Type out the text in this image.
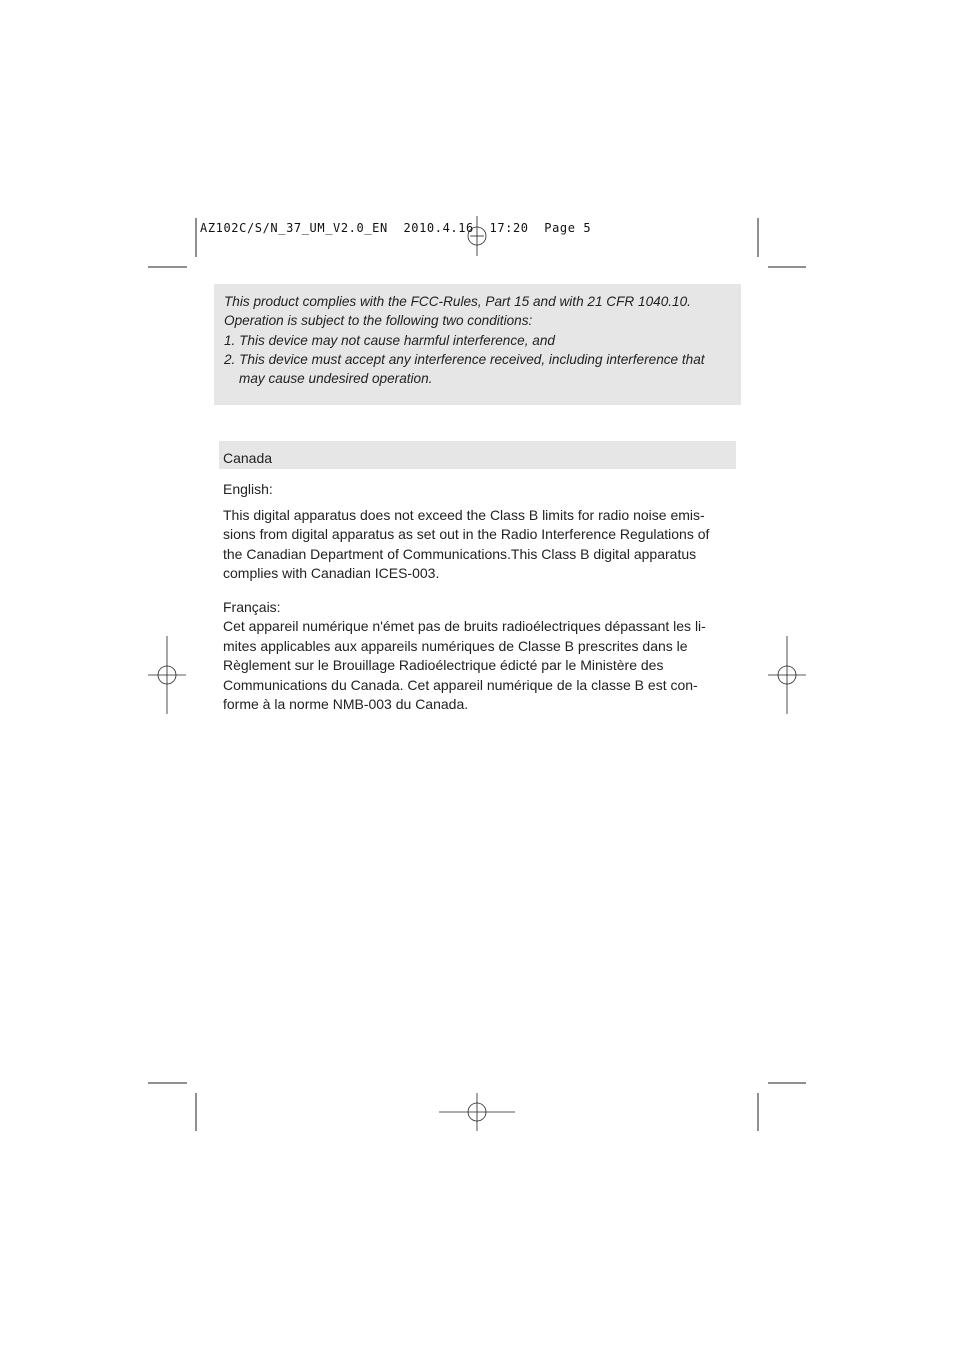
AZ102C/S/N_37_UM_V2.0_EN  2010.4.16  17:20  Page 5

This product complies with the FCC-Rules, Part 15 and with 21 CFR 1040.10.

Operation is subject to the following two conditions:

1. This device may not cause harmful interference, and

2. This device must accept any interference received, including interference that may cause undesired operation.

Canada

English:

This digital apparatus does not exceed the Class B limits for radio noise emis-sions from digital apparatus as set out in the Radio Interference Regulations of the Canadian Department of Communications.This Class B digital apparatus complies with Canadian ICES-003.

Français:

Cet appareil numérique n'émet pas de bruits radioélectriques dépassant les li-mites applicables aux appareils numériques de Classe B prescrites dans le Règlement sur le Brouillage Radioélectrique édicté par le Ministère des Communications du Canada. Cet appareil numérique de la classe B est con-forme à la norme NMB-003 du Canada.
